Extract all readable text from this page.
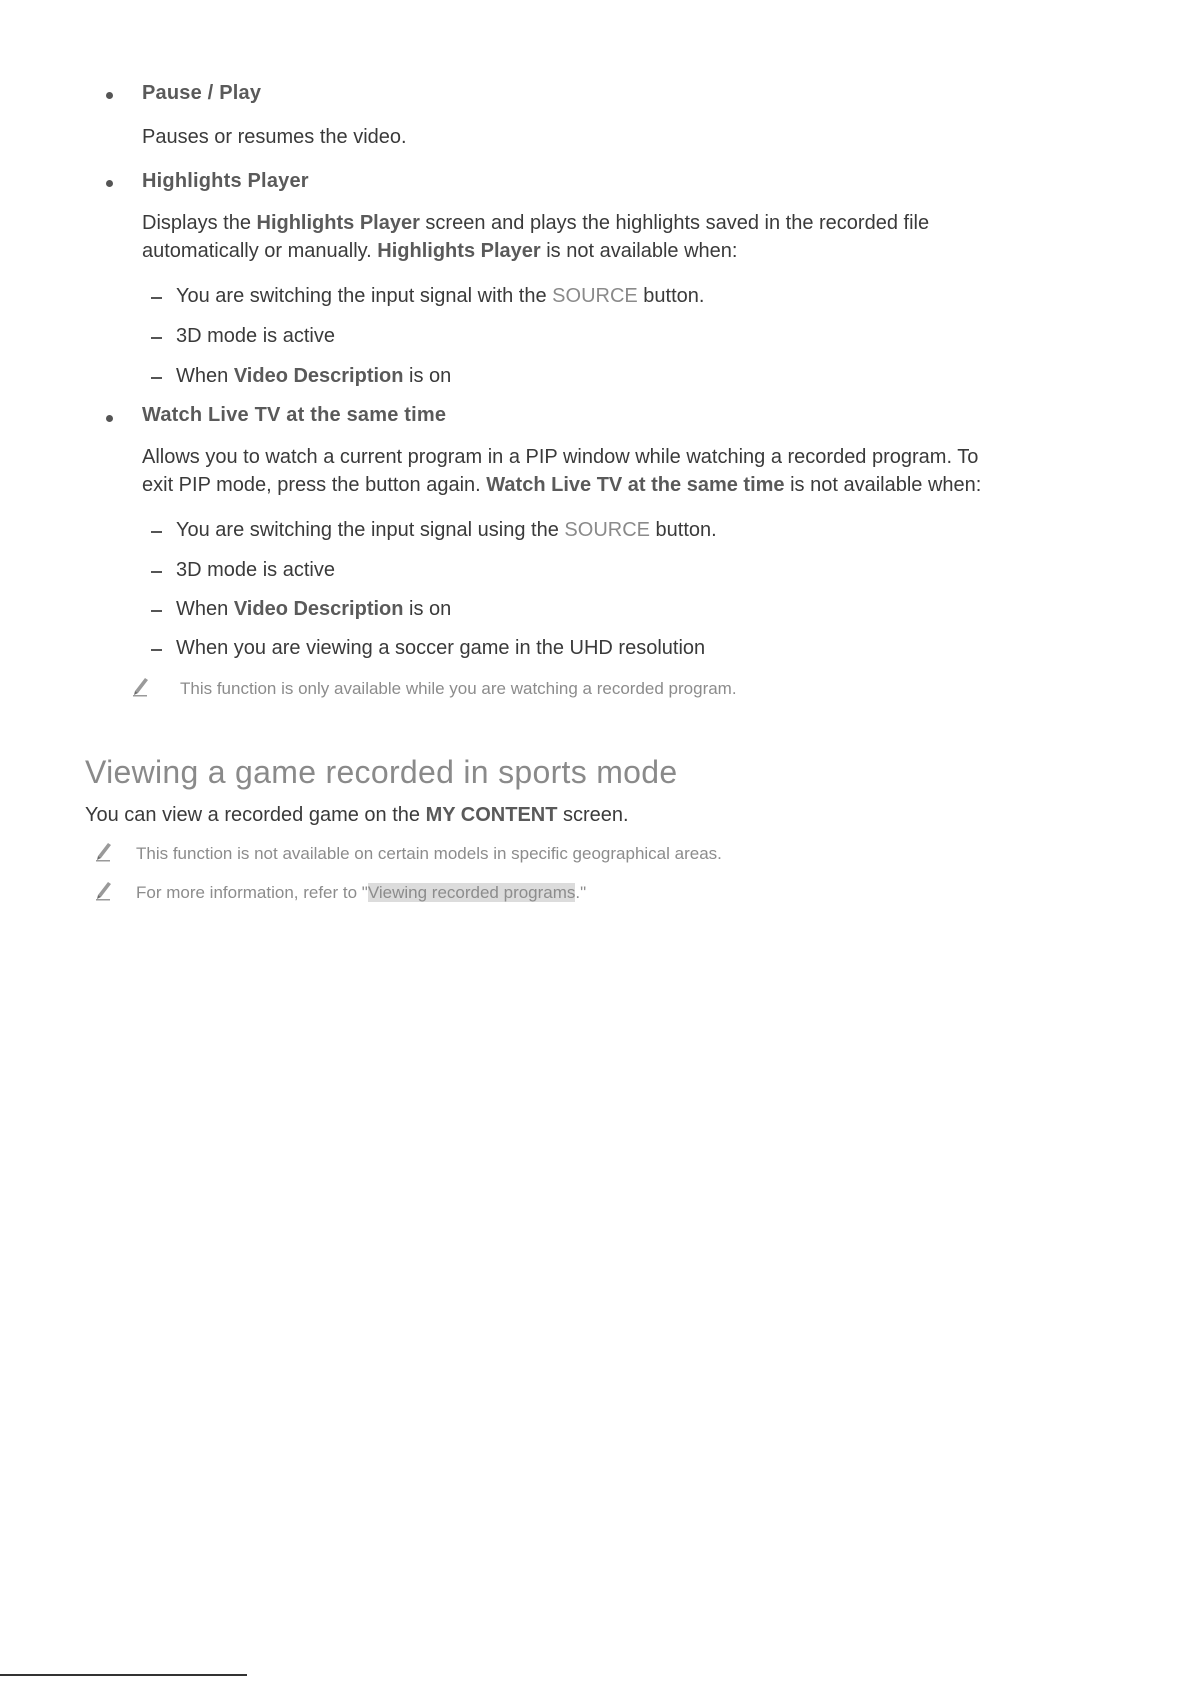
Pause / Play
Pauses or resumes the video.
Highlights Player
Displays the Highlights Player screen and plays the highlights saved in the recorded file
automatically or manually. Highlights Player is not available when:
You are switching the input signal with the SOURCE button.
3D mode is active
When Video Description is on
Watch Live TV at the same time
Allows you to watch a current program in a PIP window while watching a recorded program. To
exit PIP mode, press the button again. Watch Live TV at the same time is not available when:
You are switching the input signal using the SOURCE button.
3D mode is active
When Video Description is on
When you are viewing a soccer game in the UHD resolution
This function is only available while you are watching a recorded program.
Viewing a game recorded in sports mode
You can view a recorded game on the MY CONTENT screen.
This function is not available on certain models in specific geographical areas.
For more information, refer to "Viewing recorded programs."
